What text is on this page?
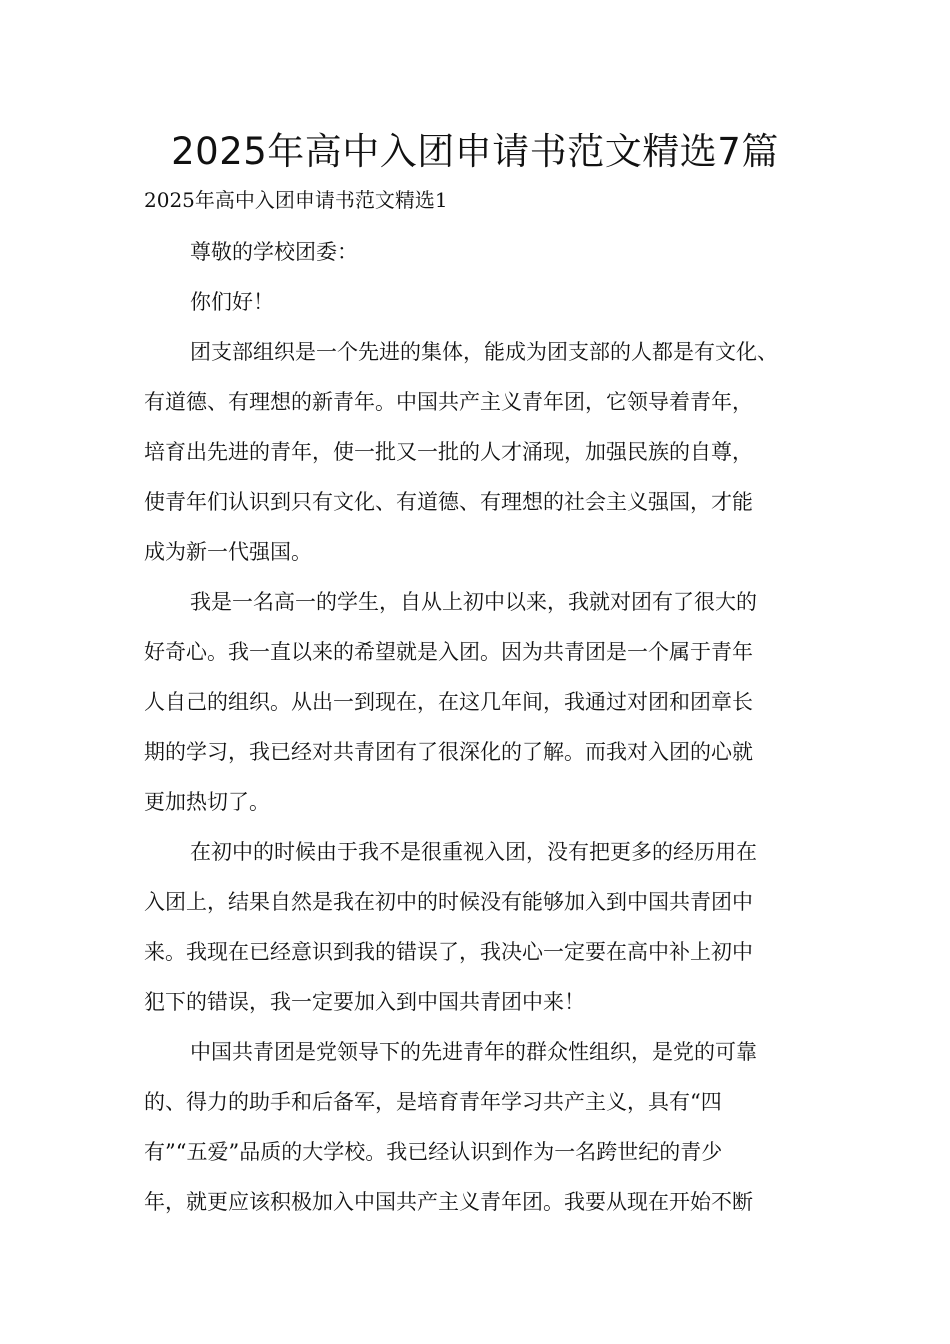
2025年高中入团申请书范文精选7篇

2025年高中入团申请书范文精选1

尊敬的学校团委：

你们好！

团支部组织是一个先进的集体，能成为团支部的人都是有文化、

有道德、有理想的新青年。中国共产主义青年团，它领导着青年，

培育出先进的青年，使一批又一批的人才涌现，加强民族的自尊，

使青年们认识到只有文化、有道德、有理想的社会主义强国，才能

成为新一代强国。

我是一名高一的学生，自从上初中以来，我就对团有了很大的

好奇心。我一直以来的希望就是入团。因为共青团是一个属于青年

人自己的组织。从出一到现在，在这几年间，我通过对团和团章长

期的学习，我已经对共青团有了很深化的了解。而我对入团的心就

更加热切了。

在初中的时候由于我不是很重视入团，没有把更多的经历用在

入团上，结果自然是我在初中的时候没有能够加入到中国共青团中

来。我现在已经意识到我的错误了，我决心一定要在高中补上初中

犯下的错误，我一定要加入到中国共青团中来！

中国共青团是党领导下的先进青年的群众性组织，是党的可靠

的、得力的助手和后备军，是培育青年学习共产主义，具有“四

有”“五爱”品质的大学校。我已经认识到作为一名跨世纪的青少

年，就更应该积极加入中国共产主义青年团。我要从现在开始不断
